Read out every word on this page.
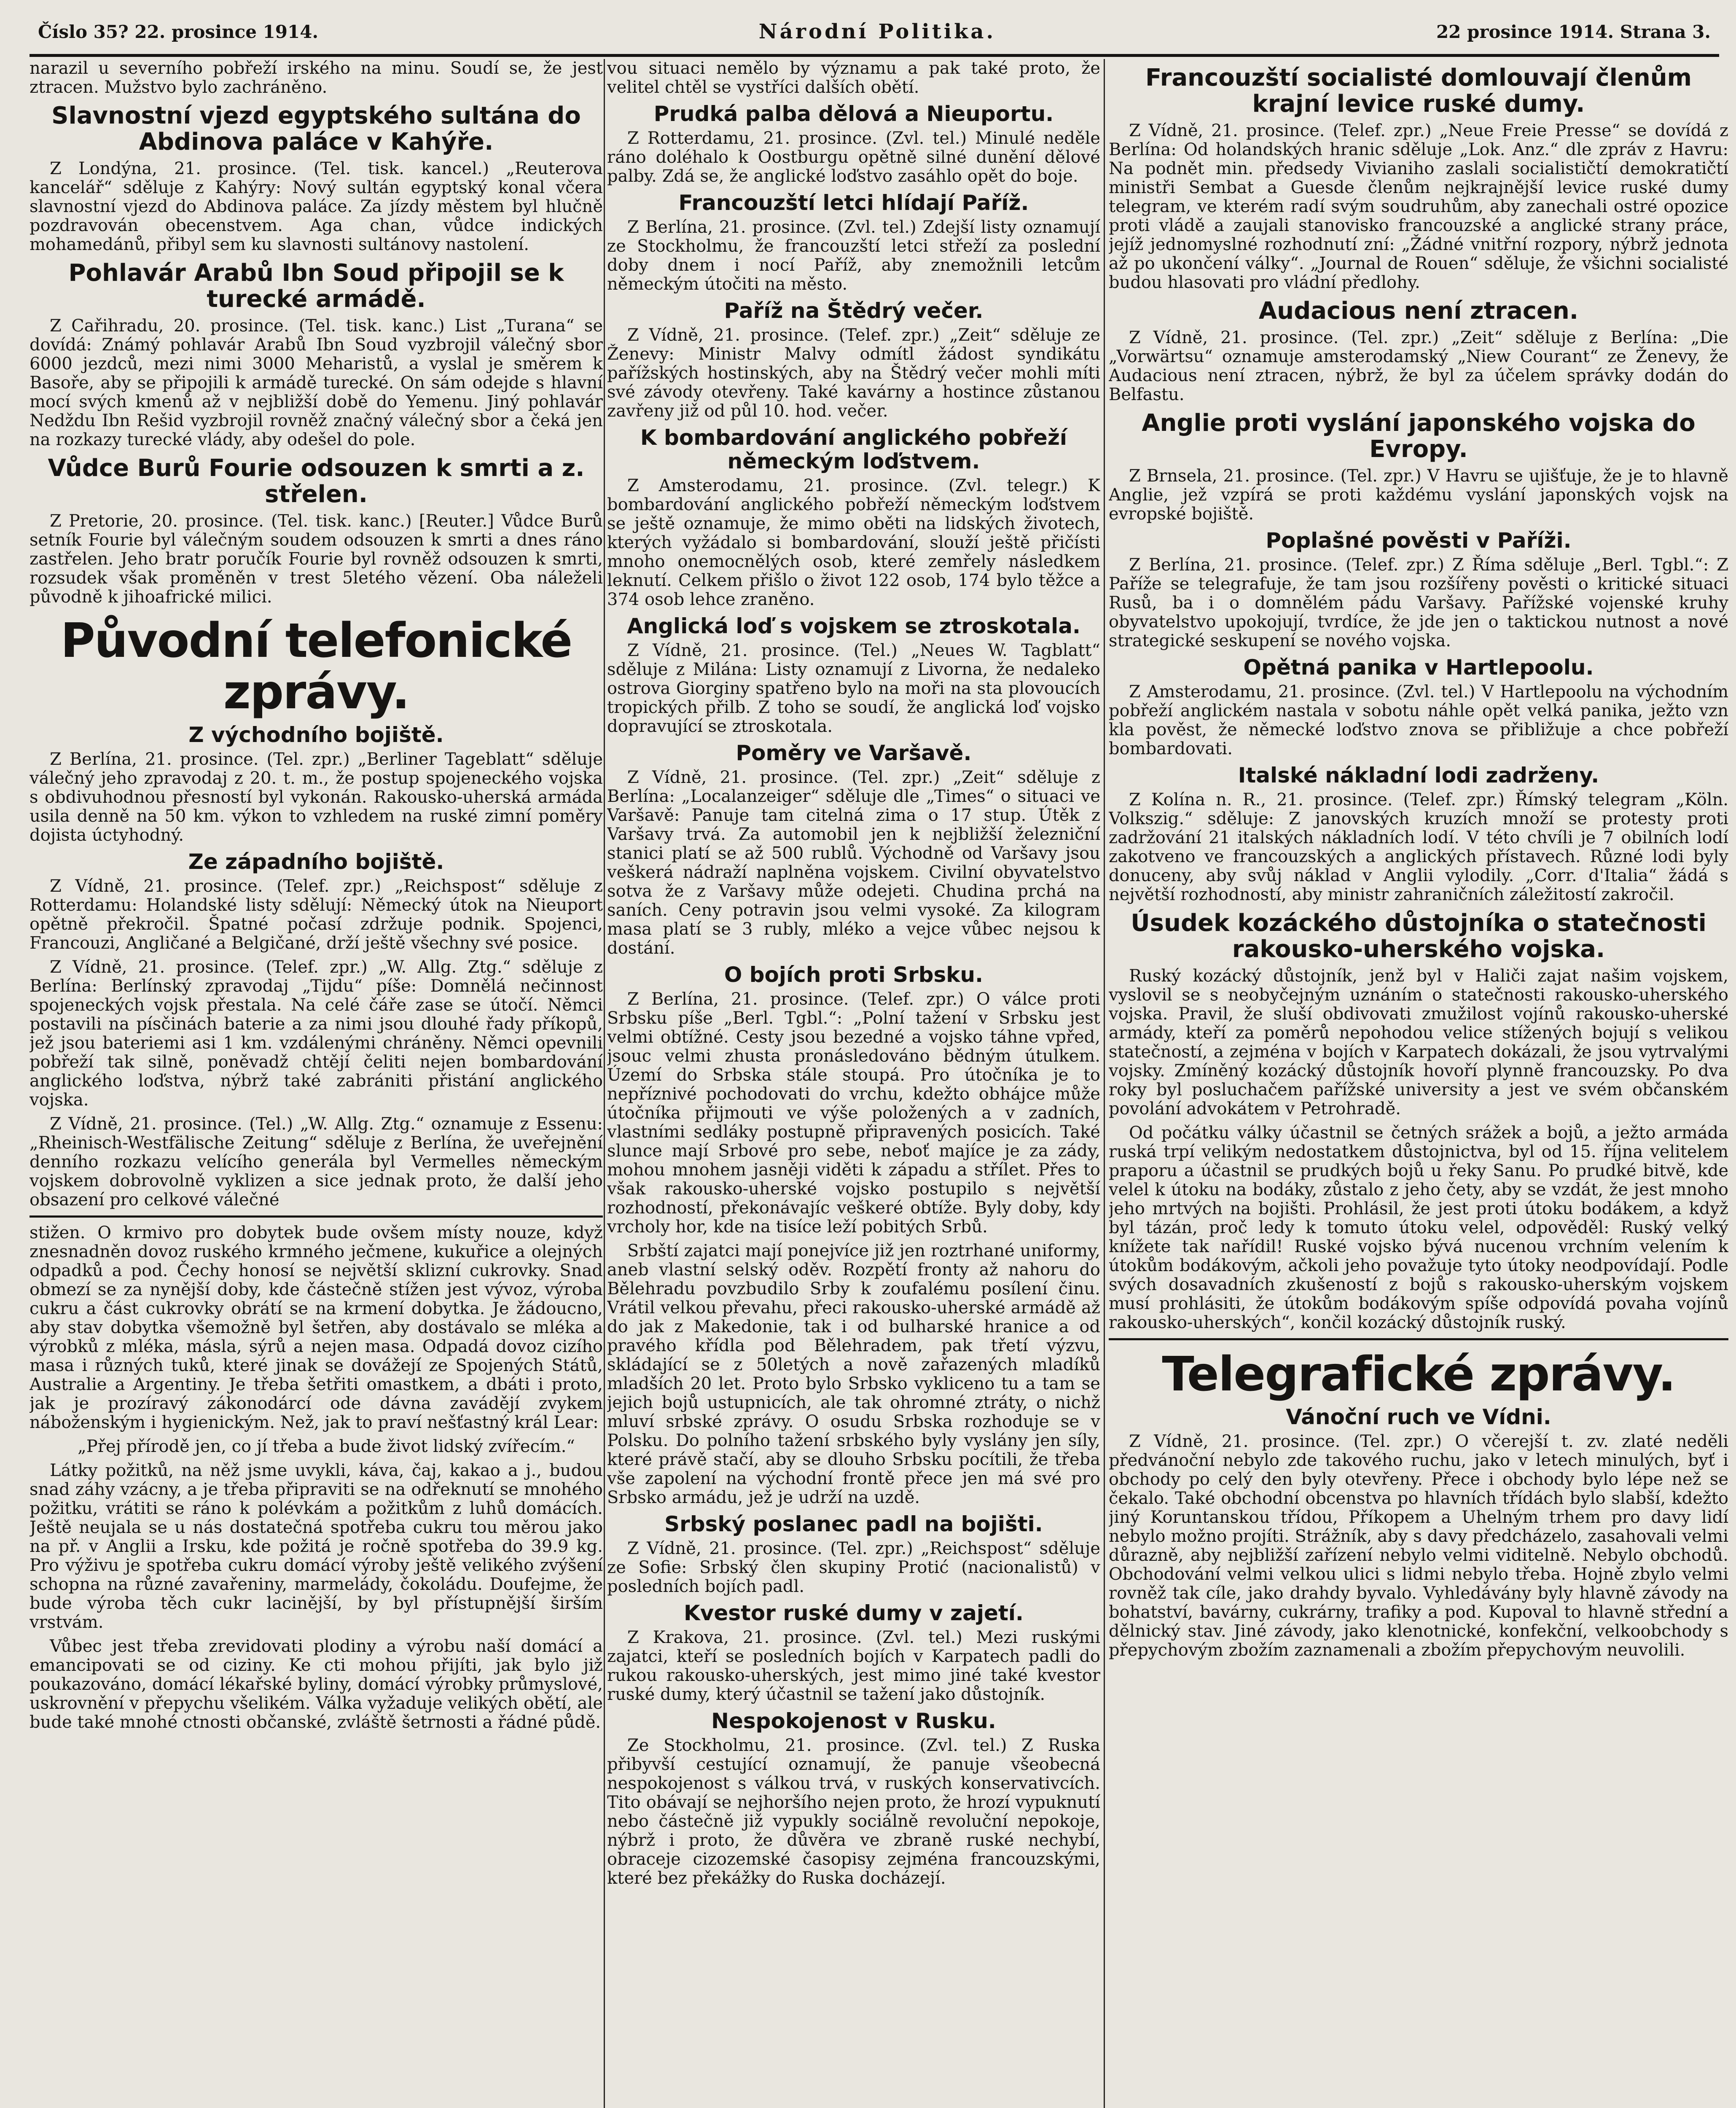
Číslo 35? 22. prosince 1914.	Národní Politika.	22 prosince 1914. Strana 3.

narazil u severního pobřeží irského na minu. Soudí se, že jest ztracen. Mužstvo bylo zachráněno.

Slavnostní vjezd egyptského sultána do Abdinova paláce v Kahýře.

Z Londýna, 21. prosince. (Tel. tisk. kancel.) „Reuterova kancelář“ sděluje z Kahýry: Nový sultán egyptský konal včera slavnostní vjezd do Abdinova paláce. Za jízdy městem byl hlučně pozdravován obecenstvem. Aga chan, vůdce indických mohamedánů, přibyl sem ku slavnosti sultánovy nastolení.

Pohlavár Arabů Ibn Soud připojil se k turecké armádě.

Z Cařihradu, 20. prosince. (Tel. tisk. kanc.) List „Turana“ se dovídá: Známý pohlavár Arabů Ibn Soud vyzbrojil válečný sbor 6000 jezdců, mezi nimi 3000 Meharistů, a vyslal je směrem k Basoře, aby se připojili k armádě turecké. On sám odejde s hlavní mocí svých kmenů až v nejbližší době do Yemenu. Jiný pohlavár Nedždu Ibn Rešid vyzbrojil rovněž značný válečný sbor a čeká jen na rozkazy turecké vlády, aby odešel do pole.

Vůdce Burů Fourie odsouzen k smrti a z. střelen.

Z Pretorie, 20. prosince. (Tel. tisk. kanc.) [Reuter.] Vůdce Burů setník Fourie byl válečným soudem odsouzen k smrti a dnes ráno zastřelen. Jeho bratr poručík Fourie byl rovněž odsouzen k smrti, rozsudek však proměněn v trest 5letého vězení. Oba náleželi původně k jihoafrické milici.

Původní telefonické zprávy.
Z východního bojiště.

Z Berlína, 21. prosince. (Tel. zpr.) „Berliner Tageblatt“ sděluje válečný jeho zpravodaj z 20. t. m., že postup spojeneckého vojska s obdivuhodnou přesností byl vykonán. Rakousko-uherská armáda usila denně na 50 km. výkon to vzhledem na ruské zimní poměry dojista úctyhodný.

Ze západního bojiště.

Z Vídně, 21. prosince. (Telef. zpr.) „Reichspost“ sděluje z Rotterdamu: Holandské listy sdělují: Německý útok na Nieuport opětně překročil. Špatné počasí zdržuje podnik. Spojenci, Francouzi, Angličané a Belgičané, drží ještě všechny své posice.

Z Vídně, 21. prosince. (Telef. zpr.) „W. Allg. Ztg.“ sděluje z Berlína: Berlínský zpravodaj „Tijdu“ píše: Domnělá nečinnost spojeneckých vojsk přestala. Na celé čáře zase se útočí. Němci postavili na písčinách baterie a za nimi jsou dlouhé řady příkopů, jež jsou bateriemi asi 1 km. vzdálenými chráněny. Němci opevnili pobřeží tak silně, poněvadž chtějí čeliti nejen bombardování anglického loďstva, nýbrž také zabrániti přistání anglického vojska.

Z Vídně, 21. prosince. (Tel.) „W. Allg. Ztg.“ oznamuje z Essenu: „Rheinisch-Westfälische Zeitung“ sděluje z Berlína, že uveřejnění denního rozkazu velícího generála byl Vermelles německým vojskem dobrovolně vyklizen a sice jednak proto, že další jeho obsazení pro celkové válečné

stižen. O krmivo pro dobytek bude ovšem místy nouze, když znesnadněn dovoz ruského krmného ječmene, kukuřice a olejných odpadků a pod. Čechy honosí se největší sklizní cukrovky. Snad obmezí se za nynější doby, kde částečně stížen jest vývoz, výroba cukru a část cukrovky obrátí se na krmení dobytka. Je žádoucno, aby stav dobytka všemožně byl šetřen, aby dostávalo se mléka a výrobků z mléka, másla, sýrů a nejen masa. Odpadá dovoz cizího masa i různých tuků, které jinak se dovážejí ze Spojených Států, Australie a Argentiny. Je třeba šetřiti omastkem, a dbáti i proto, jak je prozíravý zákonodárcí ode dávna zavádějí zvykem náboženským i hygienickým. Než, jak to praví nešťastný král Lear:

„Přej přírodě jen, co jí třeba a bude život lidský zvířecím.“

Látky požitků, na něž jsme uvykli, káva, čaj, kakao a j., budou snad záhy vzácny, a je třeba připraviti se na odřeknutí se mnohého požitku, vrátiti se ráno k polévkám a požitkům z luhů domácích. Ještě neujala se u nás dostatečná spotřeba cukru tou měrou jako na př. v Anglii a Irsku, kde požitá je ročně spotřeba do 39.9 kg. Pro výživu je spotřeba cukru domácí výroby ještě velikého zvýšení schopna na různé zavařeniny, marmelády, čokoládu. Doufejme, že bude výroba těch cukr lacinější, by byl přístupnější širším vrstvám.

Vůbec jest třeba zrevidovati plodiny a výrobu naší domácí a emancipovati se od ciziny. Ke cti mohou přijíti, jak bylo již poukazováno, domácí lékařské byliny, domácí výrobky průmyslové, uskrovnění v přepychu všelikém. Válka vyžaduje velikých obětí, ale bude také mnohé ctnosti občanské, zvláště šetrnosti a řádné půdě.

vou situaci nemělo by významu a pak také proto, že velitel chtěl se vystříci dalších obětí.

Prudká palba dělová a Nieuportu.

Z Rotterdamu, 21. prosince. (Zvl. tel.) Minulé neděle ráno doléhalo k Oostburgu opětně silné dunění dělové palby. Zdá se, že anglické loďstvo zasáhlo opět do boje.

Francouzští letci hlídají Paříž.

Z Berlína, 21. prosince. (Zvl. tel.) Zdejší listy oznamují ze Stockholmu, že francouzští letci střeží za poslední doby dnem i nocí Paříž, aby znemožnili letcům německým útočiti na město.

Paříž na Štědrý večer.

Z Vídně, 21. prosince. (Telef. zpr.) „Zeit“ sděluje ze Ženevy: Ministr Malvy odmítl žádost syndikátu pařížských hostinských, aby na Štědrý večer mohli míti své závody otevřeny. Také kavárny a hostince zůstanou zavřeny již od půl 10. hod. večer.

K bombardování anglického pobřeží německým loďstvem.

Z Amsterodamu, 21. prosince. (Zvl. telegr.) K bombardování anglického pobřeží německým loďstvem se ještě oznamuje, že mimo oběti na lidských životech, kterých vyžádalo si bombardování, slouží ještě přičísti mnoho onemocnělých osob, které zemřely následkem leknutí. Celkem přišlo o život 122 osob, 174 bylo těžce a 374 osob lehce zraněno.

Anglická loď s vojskem se ztroskotala.

Z Vídně, 21. prosince. (Tel.) „Neues W. Tagblatt“ sděluje z Milána: Listy oznamují z Livorna, že nedaleko ostrova Giorginy spatřeno bylo na moři na sta plovoucích tropických přilb. Z toho se soudí, že anglická loď vojsko dopravující se ztroskotala.

Poměry ve Varšavě.

Z Vídně, 21. prosince. (Tel. zpr.) „Zeit“ sděluje z Berlína: „Localanzeiger“ sděluje dle „Times“ o situaci ve Varšavě: Panuje tam citelná zima o 17 stup. Útěk z Varšavy trvá. Za automobil jen k nejbližší železniční stanici platí se až 500 rublů. Východně od Varšavy jsou veškerá nádraží naplněna vojskem. Civilní obyvatelstvo sotva že z Varšavy může odejeti. Chudina prchá na saních. Ceny potravin jsou velmi vysoké. Za kilogram masa platí se 3 rubly, mléko a vejce vůbec nejsou k dostání.

O bojích proti Srbsku.

Z Berlína, 21. prosince. (Telef. zpr.) O válce proti Srbsku píše „Berl. Tgbl.“: „Polní tažení v Srbsku jest velmi obtížné. Cesty jsou bezedné a vojsko táhne vpřed, jsouc velmi zhusta pronásledováno bědným útulkem. Území do Srbska stále stoupá. Pro útočníka je to nepříznivé pochodovati do vrchu, kdežto obhájce může útočníka přijmouti ve výše položených a v zadních, vlastními sedláky postupně připravených posicích. Také slunce mají Srbové pro sebe, neboť majíce je za zády, mohou mnohem jasněji viděti k západu a střílet. Přes to však rakousko-uherské vojsko postupilo s největší rozhodností, překonávajíc veškeré obtíže. Byly doby, kdy vrcholy hor, kde na tisíce leží pobitých Srbů.

Srbští zajatci mají ponejvíce již jen roztrhané uniformy, aneb vlastní selský oděv. Rozpětí fronty až nahoru do Bělehradu povzbudilo Srby k zoufalému posílení činu. Vrátil velkou převahu, přeci rakousko-uherské armádě až do jak z Makedonie, tak i od bulharské hranice a od pravého křídla pod Bělehradem, pak třetí výzvu, skládající se z 50letých a nově zařazených mladíků mladších 20 let. Proto bylo Srbsko vykliceno tu a tam se jejich bojů ustupnicích, ale tak ohromné ztráty, o nichž mluví srbské zprávy. O osudu Srbska rozhoduje se v Polsku. Do polního tažení srbského byly vyslány jen síly, které právě stačí, aby se dlouho Srbsku pocítili, že třeba vše zapolení na východní frontě přece jen má své pro Srbsko armádu, jež je udrží na uzdě.

Srbský poslanec padl na bojišti.

Z Vídně, 21. prosince. (Tel. zpr.) „Reichspost“ sděluje ze Sofie: Srbský člen skupiny Protić (nacionalistů) v posledních bojích padl.

Kvestor ruské dumy v zajetí.

Z Krakova, 21. prosince. (Zvl. tel.) Mezi ruskými zajatci, kteří se posledních bojích v Karpatech padli do rukou rakousko-uherských, jest mimo jiné také kvestor ruské dumy, který účastnil se tažení jako důstojník.

Nespokojenost v Rusku.

Ze Stockholmu, 21. prosince. (Zvl. tel.) Z Ruska přibyvší cestující oznamují, že panuje všeobecná nespokojenost s válkou trvá, v ruských konservativcích. Tito obávají se nejhoršího nejen proto, že hrozí vypuknutí nebo částečně již vypukly sociálně revoluční nepokoje, nýbrž i proto, že důvěra ve zbraně ruské nechybí, obraceje cizozemské časopisy zejména francouzskými, které bez překážky do Ruska docházejí.

Francouzští socialisté domlouvají členům krajní levice ruské dumy.

Z Vídně, 21. prosince. (Telef. zpr.) „Neue Freie Presse“ se dovídá z Berlína: Od holandských hranic sděluje „Lok. Anz.“ dle zpráv z Havru: Na podnět min. předsedy Vivianiho zaslali socialističtí demokratičtí ministři Sembat a Guesde členům nejkrajnější levice ruské dumy telegram, ve kterém radí svým soudruhům, aby zanechali ostré opozice proti vládě a zaujali stanovisko francouzské a anglické strany práce, jejíž jednomyslné rozhodnutí zní: „Žádné vnitřní rozpory, nýbrž jednota až po ukončení války“. „Journal de Rouen“ sděluje, že všichni socialisté budou hlasovati pro vládní předlohy.

Audacious není ztracen.

Z Vídně, 21. prosince. (Tel. zpr.) „Zeit“ sděluje z Berlína: „Die „Vorwärtsu“ oznamuje amsterodamský „Niew Courant“ ze Ženevy, že Audacious není ztracen, nýbrž, že byl za účelem správky dodán do Belfastu.

Anglie proti vyslání japonského vojska do Evropy.

Z Brnsela, 21. prosince. (Tel. zpr.) V Havru se ujišťuje, že je to hlavně Anglie, jež vzpírá se proti každému vyslání japonských vojsk na evropské bojiště.

Poplašné pověsti v Paříži.

Z Berlína, 21. prosince. (Telef. zpr.) Z Říma sděluje „Berl. Tgbl.“: Z Paříže se telegrafuje, že tam jsou rozšířeny pověsti o kritické situaci Rusů, ba i o domnělém pádu Varšavy. Pařížské vojenské kruhy obyvatelstvo upokojují, tvrdíce, že jde jen o taktickou nutnost a nové strategické seskupení se nového vojska.

Opětná panika v Hartlepoolu.

Z Amsterodamu, 21. prosince. (Zvl. tel.) V Hartlepoolu na východním pobřeží anglickém nastala v sobotu náhle opět velká panika, ježto vzn kla pověst, že německé loďstvo znova se přibližuje a chce pobřeží bombardovati.

Italské nákladní lodi zadrženy.

Z Kolína n. R., 21. prosince. (Telef. zpr.) Římský telegram „Köln. Volkszig.“ sděluje: Z janovských kruzích množí se protesty proti zadržování 21 italských nákladních lodí. V této chvíli je 7 obilních lodí zakotveno ve francouzských a anglických přístavech. Různé lodi byly donuceny, aby svůj náklad v Anglii vylodily. „Corr. d'Italia“ žádá s největší rozhodností, aby ministr zahraničních záležitostí zakročil.

Úsudek kozáckého důstojníka o statečnosti rakousko-uherského vojska.

Ruský kozácký důstojník, jenž byl v Haliči zajat našim vojskem, vyslovil se s neobyčejným uznáním o statečnosti rakousko-uherského vojska. Pravil, že sluší obdivovati zmužilost vojínů rakousko-uherské armády, kteří za poměrů nepohodou velice stížených bojují s velikou statečností, a zejména v bojích v Karpatech dokázali, že jsou vytrvalými vojsky. Zmíněný kozácký důstojník hovoří plynně francouzsky. Po dva roky byl posluchačem pařížské university a jest ve svém občanském povolání advokátem v Petrohradě.

Od počátku války účastnil se četných srážek a bojů, a ježto armáda ruská trpí velikým nedostatkem důstojnictva, byl od 15. října velitelem praporu a účastnil se prudkých bojů u řeky Sanu. Po prudké bitvě, kde velel k útoku na bodáky, zůstalo z jeho čety, aby se vzdát, že jest mnoho jeho mrtvých na bojišti. Prohlásil, že jest proti útoku bodákem, a když byl tázán, proč ledy k tomuto útoku velel, odpověděl: Ruský velký knížete tak nařídil! Ruské vojsko bývá nucenou vrchním velením k útokům bodákovým, ačkoli jeho považuje tyto útoky neodpovídají. Podle svých dosavadních zkušeností z bojů s rakousko-uherským vojskem musí prohlásiti, že útokům bodákovým spíše odpovídá povaha vojínů rakousko-uherských“, končil kozácký důstojník ruský.

Telegrafické zprávy.
Vánoční ruch ve Vídni.

Z Vídně, 21. prosince. (Tel. zpr.) O včerejší t. zv. zlaté neděli předvánoční nebylo zde takového ruchu, jako v letech minulých, byť i obchody po celý den byly otevřeny. Přece i obchody bylo lépe než se čekalo. Také obchodní obcenstva po hlavních třídách bylo slabší, kdežto jiný Koruntanskou třídou, Příkopem a Uhelným trhem pro davy lidí nebylo možno projíti. Strážník, aby s davy předcházelo, zasahovali velmi důrazně, aby nejbližší zařízení nebylo velmi viditelně. Nebylo obchodů. Obchodování velmi velkou ulici s lidmi nebylo třeba. Hojně zbylo velmi rovněž tak cíle, jako drahdy byvalo. Vyhledávány byly hlavně závody na bohatství, bavárny, cukrárny, trafiky a pod. Kupoval to hlavně střední a dělnický stav. Jiné závody, jako klenotnické, konfekční, velkoobchody s přepychovým zbožím zaznamenali a zbožím přepychovým neuvolili.
